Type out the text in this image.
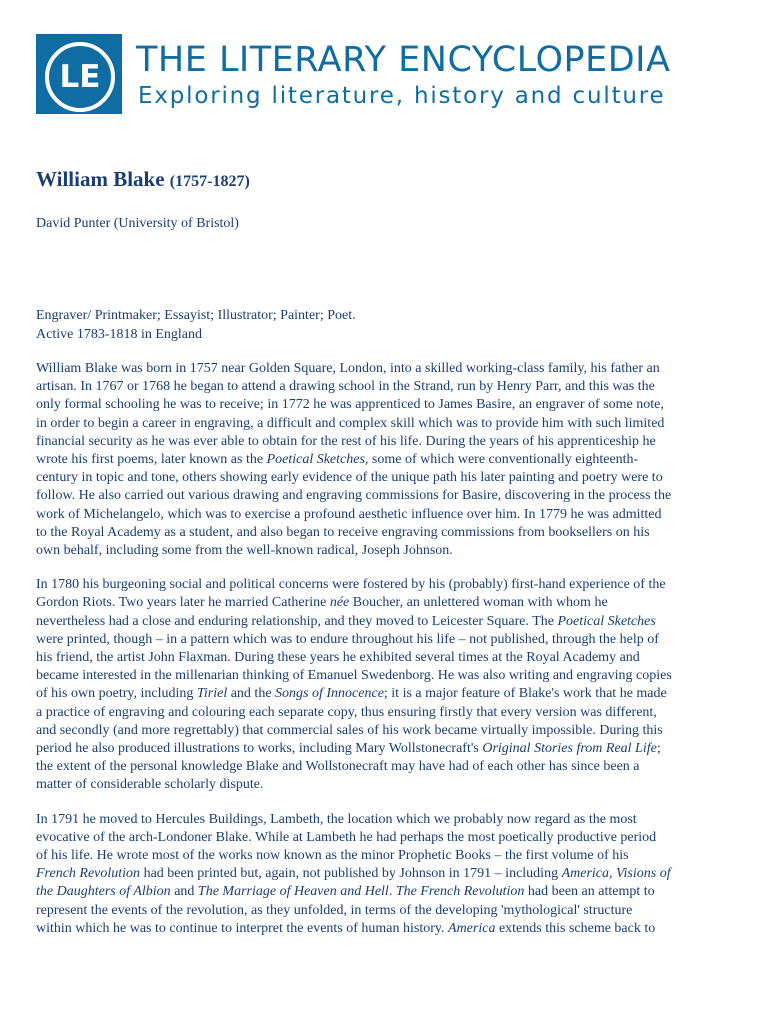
LE THE LITERARY ENCYCLOPEDIA
Exploring literature, history and culture
William Blake (1757-1827)
David Punter (University of Bristol)
Engraver/ Printmaker; Essayist; Illustrator; Painter; Poet.
Active 1783-1818 in England

William Blake was born in 1757 near Golden Square, London, into a skilled working-class family, his father an
artisan. In 1767 or 1768 he began to attend a drawing school in the Strand, run by Henry Parr, and this was the
only formal schooling he was to receive; in 1772 he was apprenticed to James Basire, an engraver of some note,
in order to begin a career in engraving, a difficult and complex skill which was to provide him with such limited
financial security as he was ever able to obtain for the rest of his life. During the years of his apprenticeship he
wrote his first poems, later known as the Poetical Sketches, some of which were conventionally eighteenth-
century in topic and tone, others showing early evidence of the unique path his later painting and poetry were to
follow. He also carried out various drawing and engraving commissions for Basire, discovering in the process the
work of Michelangelo, which was to exercise a profound aesthetic influence over him. In 1779 he was admitted
to the Royal Academy as a student, and also began to receive engraving commissions from booksellers on his
own behalf, including some from the well-known radical, Joseph Johnson.

In 1780 his burgeoning social and political concerns were fostered by his (probably) first-hand experience of the
Gordon Riots. Two years later he married Catherine née Boucher, an unlettered woman with whom he
nevertheless had a close and enduring relationship, and they moved to Leicester Square. The Poetical Sketches
were printed, though – in a pattern which was to endure throughout his life – not published, through the help of
his friend, the artist John Flaxman. During these years he exhibited several times at the Royal Academy and
became interested in the millenarian thinking of Emanuel Swedenborg. He was also writing and engraving copies
of his own poetry, including Tiriel and the Songs of Innocence; it is a major feature of Blake's work that he made
a practice of engraving and colouring each separate copy, thus ensuring firstly that every version was different,
and secondly (and more regrettably) that commercial sales of his work became virtually impossible. During this
period he also produced illustrations to works, including Mary Wollstonecraft's Original Stories from Real Life;
the extent of the personal knowledge Blake and Wollstonecraft may have had of each other has since been a
matter of considerable scholarly dispute.

In 1791 he moved to Hercules Buildings, Lambeth, the location which we probably now regard as the most
evocative of the arch-Londoner Blake. While at Lambeth he had perhaps the most poetically productive period
of his life. He wrote most of the works now known as the minor Prophetic Books – the first volume of his
French Revolution had been printed but, again, not published by Johnson in 1791 – including America, Visions of
the Daughters of Albion and The Marriage of Heaven and Hell. The French Revolution had been an attempt to
represent the events of the revolution, as they unfolded, in terms of the developing 'mythological' structure
within which he was to continue to interpret the events of human history. America extends this scheme back to
